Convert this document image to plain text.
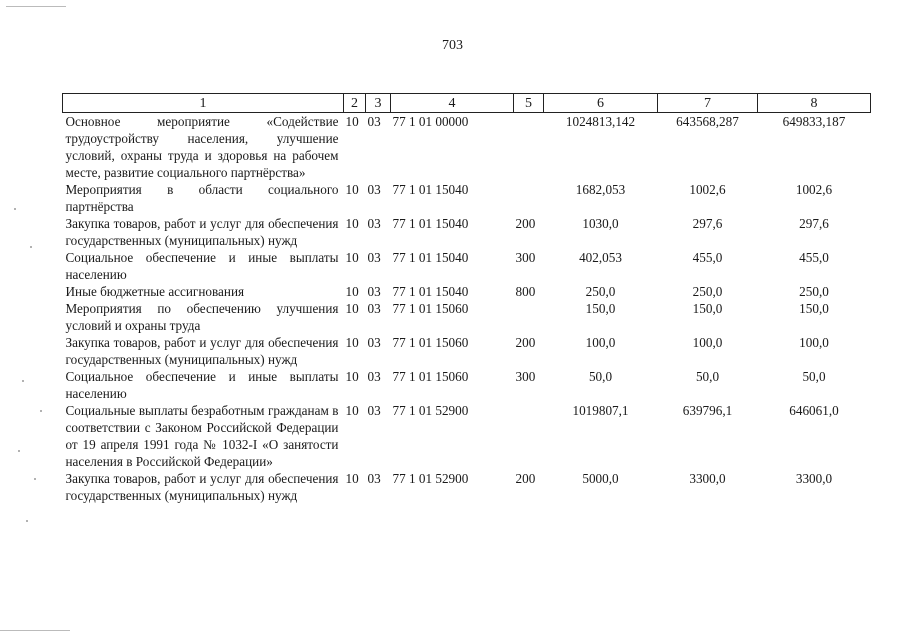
703
1	2	3	4	5	6	7	8
Основное мероприятие «Содействие трудоустройству населения, улучшение условий, охраны труда и здоровья на рабочем месте, развитие социального партнёрства»	10	03	77 1 01 00000		1024813,142	643568,287	649833,187
Мероприятия в области социального партнёрства	10	03	77 1 01 15040		1682,053	1002,6	1002,6
Закупка товаров, работ и услуг для обеспечения государственных (муниципальных) нужд	10	03	77 1 01 15040	200	1030,0	297,6	297,6
Социальное обеспечение и иные выплаты населению	10	03	77 1 01 15040	300	402,053	455,0	455,0
Иные бюджетные ассигнования	10	03	77 1 01 15040	800	250,0	250,0	250,0
Мероприятия по обеспечению улучшения условий и охраны труда	10	03	77 1 01 15060		150,0	150,0	150,0
Закупка товаров, работ и услуг для обеспечения государственных (муниципальных) нужд	10	03	77 1 01 15060	200	100,0	100,0	100,0
Социальное обеспечение и иные выплаты населению	10	03	77 1 01 15060	300	50,0	50,0	50,0
Социальные выплаты безработным гражданам в соответствии с Законом Российской Федерации от 19 апреля 1991 года № 1032-I «О занятости населения в Российской Федерации»	10	03	77 1 01 52900		1019807,1	639796,1	646061,0
Закупка товаров, работ и услуг для обеспечения государственных (муниципальных) нужд	10	03	77 1 01 52900	200	5000,0	3300,0	3300,0
